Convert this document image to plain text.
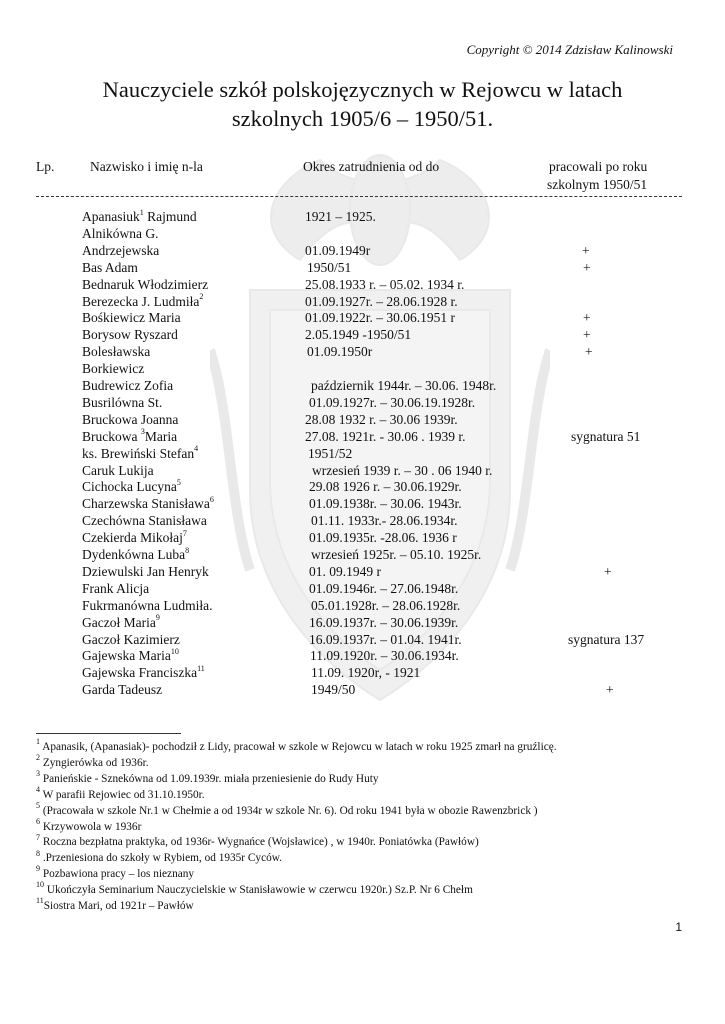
Copyright © 2014 Zdzisław Kalinowski
Nauczyciele szkół polskojęzycznych w Rejowcu w latach
szkolnych 1905/6 – 1950/51.
Lp.	Nazwisko i imię n-la	Okres zatrudnienia od do	pracowali po roku
szkolnym 1950/51
Apanasiuk$^1$ Rajmund	1921 – 1925.
Alnikówna G.
Andrzejewska	01.09.1949r	+
Bas Adam	1950/51	+
Bednaruk Włodzimierz	25.08.1933 r. – 05.02. 1934 r.
Berezecka J. Ludmiła$^2$	01.09.1927r. – 28.06.1928 r.
Bośkiewicz Maria	01.09.1922r. – 30.06.1951 r	+
Borysow Ryszard	2.05.1949 -1950/51	+
Bolesławska	01.09.1950r	+
Borkiewicz
Budrewicz Zofia	październik 1944r. – 30.06. 1948r.
Busrilówna St.	01.09.1927r. – 30.06.19.1928r.
Bruckowa Joanna	28.08 1932 r. – 30.06 1939r.
Bruckowa $^3$Maria	27.08. 1921r. - 30.06 . 1939 r.	sygnatura 51
ks. Brewiński Stefan$^4$	1951/52
Caruk Lukija	wrzesień 1939 r. – 30 . 06 1940 r.
Cichocka Lucyna$^5$	29.08 1926 r. – 30.06.1929r.
Charzewska Stanisława$^6$	01.09.1938r. – 30.06. 1943r.
Czechówna Stanisława	01.11. 1933r.- 28.06.1934r.
Czekierda Mikołaj$^7$	01.09.1935r. -28.06. 1936 r
Dydenkówna Luba$^8$	wrzesień 1925r. – 05.10. 1925r.
Dziewulski Jan Henryk	01. 09.1949 r	+
Frank Alicja	01.09.1946r. – 27.06.1948r.
Fukrmanówna Ludmiła.	05.01.1928r. – 28.06.1928r.
Gaczoł Maria$^9$	16.09.1937r. – 30.06.1939r.
Gaczoł Kazimierz	16.09.1937r. – 01.04. 1941r.	sygnatura 137
Gajewska Maria$^{10}$	11.09.1920r. – 30.06.1934r.
Gajewska Franciszka$^{11}$	11.09. 1920r, - 1921
Garda Tadeusz	1949/50	+
$^1$ Apanasik, (Apanasiak)- pochodził z Lidy, pracował w szkole w Rejowcu w latach w roku 1925 zmarł na gruźlicę.
$^2$ Zyngierówka od 1936r.
$^3$ Panieńskie - Sznekówna od 1.09.1939r. miała przeniesienie do Rudy Huty
$^4$ W parafii Rejowiec od 31.10.1950r.
$^5$ (Pracowała w szkole Nr.1 w Chełmie a od 1934r w szkole Nr. 6). Od roku 1941 była w obozie Rawenzbrick )
$^6$ Krzywowola w 1936r
$^7$ Roczna bezpłatna praktyka, od 1936r- Wygnańce (Wojsławice) , w 1940r. Poniatówka (Pawłów)
$^8$ .Przeniesiona do szkoły w Rybiem, od 1935r Cyców.
$^9$ Pozbawiona pracy – los nieznany
$^{10}$ Ukończyła Seminarium Nauczycielskie w Stanisławowie w czerwcu 1920r.) Sz.P. Nr 6 Chełm
$^{11}$Siostra Mari, od 1921r – Pawłów
1
